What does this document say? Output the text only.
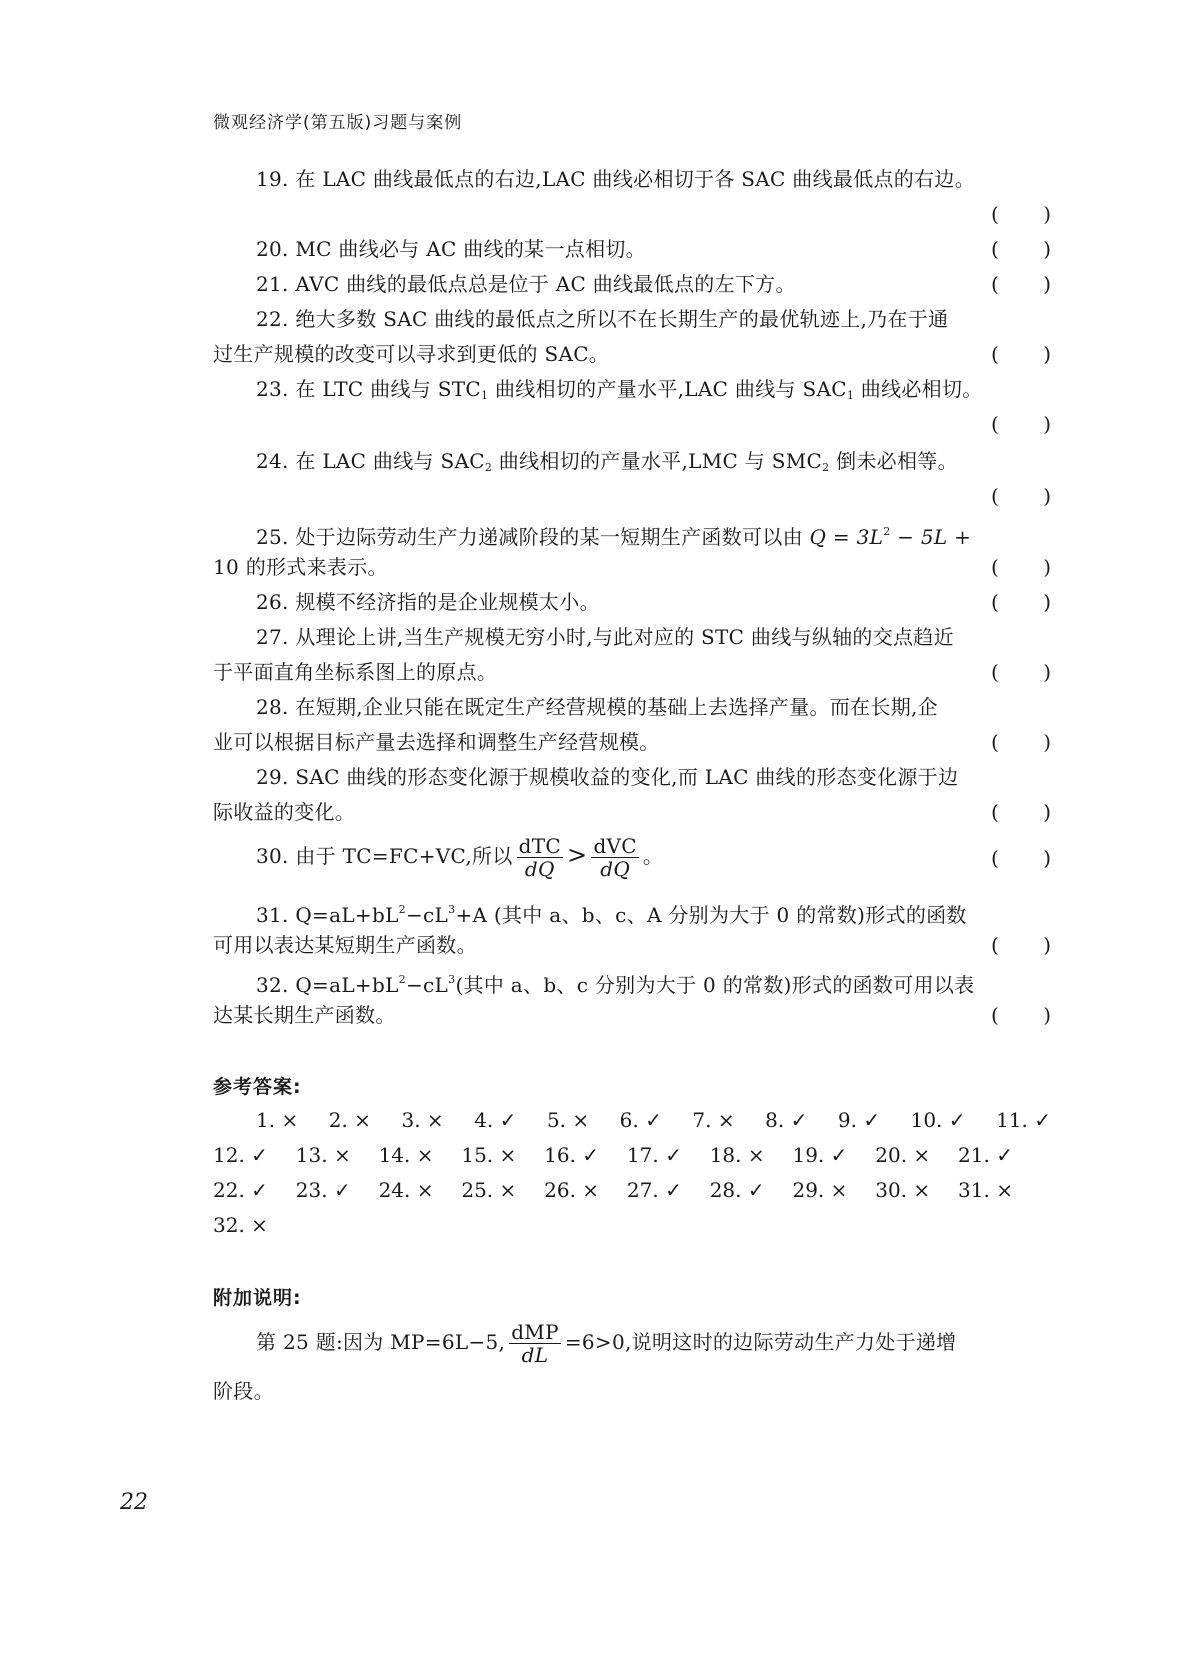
微观经济学(第五版)习题与案例
19. 在 LAC 曲线最低点的右边,LAC 曲线必相切于各 SAC 曲线最低点的右边。
( )
20. MC 曲线必与 AC 曲线的某一点相切。	( )
21. AVC 曲线的最低点总是位于 AC 曲线最低点的左下方。	( )
22. 绝大多数 SAC 曲线的最低点之所以不在长期生产的最优轨迹上,乃在于通
过生产规模的改变可以寻求到更低的 SAC。	( )
23. 在 LTC 曲线与 $STC_1$ 曲线相切的产量水平,LAC 曲线与 $SAC_1$ 曲线必相切。
( )
24. 在 LAC 曲线与 $SAC_2$ 曲线相切的产量水平,LMC 与 $SMC_2$ 倒未必相等。
( )
25. 处于边际劳动生产力递减阶段的某一短期生产函数可以由 $Q = 3L^2 - 5L$ +
10 的形式来表示。	( )
26. 规模不经济指的是企业规模太小。	( )
27. 从理论上讲,当生产规模无穷小时,与此对应的 STC 曲线与纵轴的交点趋近
于平面直角坐标系图上的原点。	( )
28. 在短期,企业只能在既定生产经营规模的基础上去选择产量。而在长期,企
业可以根据目标产量去选择和调整生产经营规模。	( )
29. SAC 曲线的形态变化源于规模收益的变化,而 LAC 曲线的形态变化源于边
际收益的变化。	( )
30. 由于 TC=FC+VC,所以 $\frac{\text{dTC}}{dQ} > \frac{\text{dVC}}{dQ}$ 。	( )
31. $Q=aL+bL^2-cL^3+A$ (其中 a、b、c、A 分别为大于 0 的常数)形式的函数
可用以表达某短期生产函数。	( )
32. $Q=aL+bL^2-cL^3$(其中 a、b、c 分别为大于 0 的常数)形式的函数可用以表
达某长期生产函数。	( )
参考答案:
1. × 2. × 3. × 4. ✓ 5. × 6. ✓ 7. × 8. ✓ 9. ✓ 10. ✓ 11. ✓
12. ✓ 13. × 14. × 15. × 16. ✓ 17. ✓ 18. × 19. ✓ 20. × 21. ✓
22. ✓ 23. ✓ 24. × 25. × 26. × 27. ✓ 28. ✓ 29. × 30. × 31. ×
32. ×
附加说明:
第 25 题:因为 MP=6L−5, $\frac{\text{dMP}}{dL} =6>0$,说明这时的边际劳动生产力处于递增
阶段。
22
